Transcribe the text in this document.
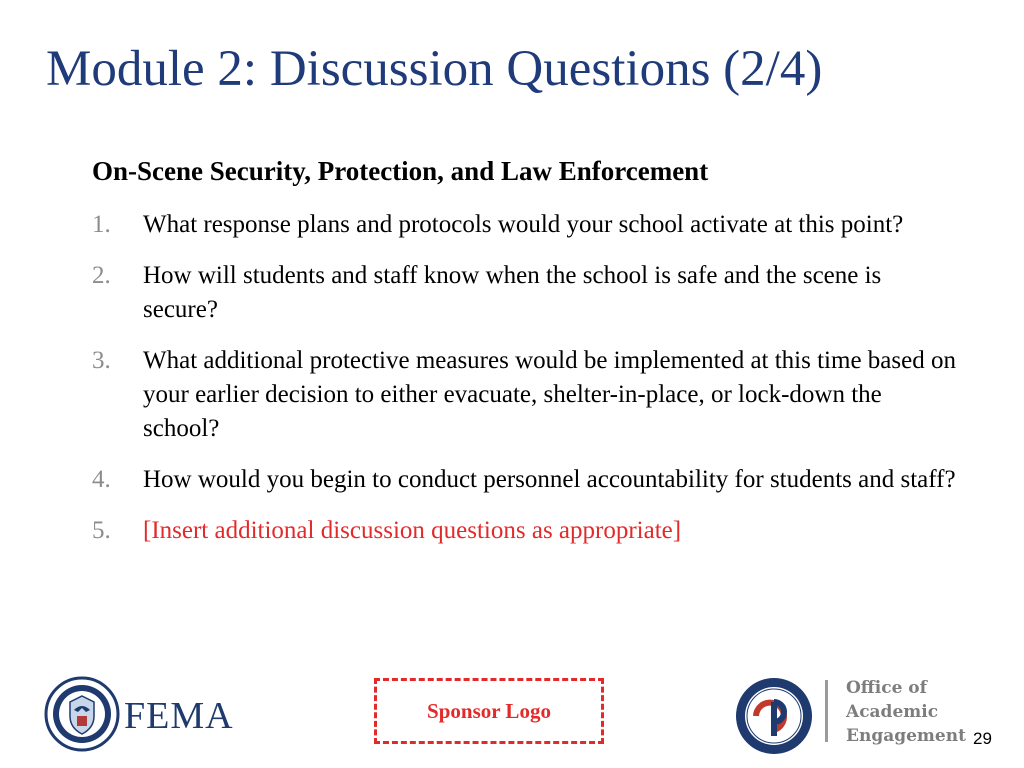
Module 2: Discussion Questions (2/4)
On-Scene Security, Protection, and Law Enforcement
1. What response plans and protocols would your school activate at this point?
2. How will students and staff know when the school is safe and the scene is secure?
3. What additional protective measures would be implemented at this time based on your earlier decision to either evacuate, shelter-in-place, or lock-down the school?
4. How would you begin to conduct personnel accountability for students and staff?
5. [Insert additional discussion questions as appropriate]
FEMA	Sponsor Logo
Office of
Academic
Engagement 29
